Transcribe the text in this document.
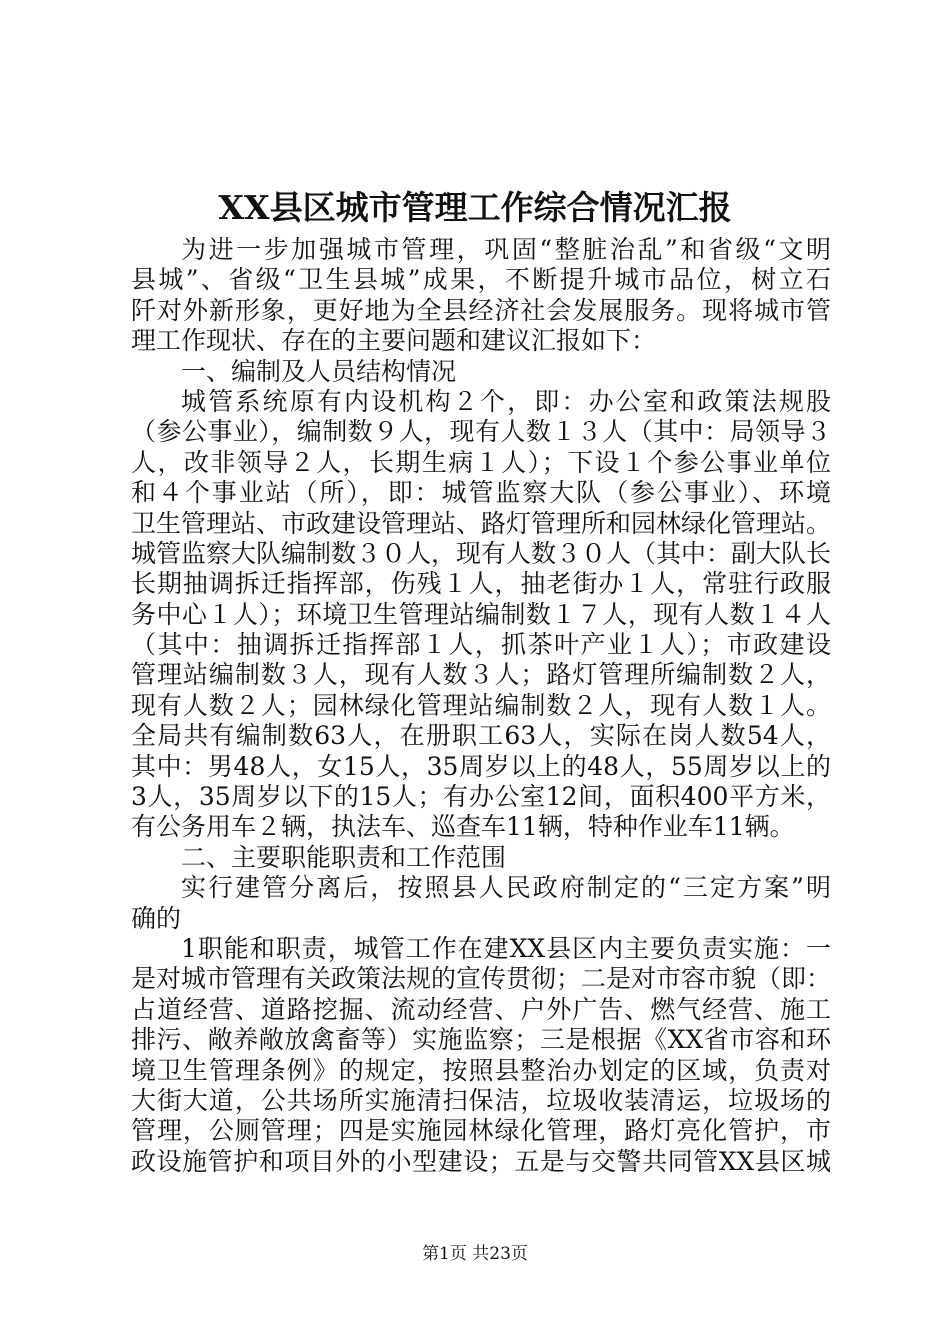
XX县区城市管理工作综合情况汇报
为进一步加强城市管理，巩固“整脏治乱”和省级“文明
县城”、省级“卫生县城”成果，不断提升城市品位，树立石
阡对外新形象，更好地为全县经济社会发展服务。现将城市管
理工作现状、存在的主要问题和建议汇报如下：
一、编制及人员结构情况
城管系统原有内设机构２个，即：办公室和政策法规股
（参公事业），编制数９人，现有人数１３人（其中：局领导３
人，改非领导２人，长期生病１人）；下设１个参公事业单位
和４个事业站（所），即：城管监察大队（参公事业）、环境
卫生管理站、市政建设管理站、路灯管理所和园林绿化管理站。
城管监察大队编制数３０人，现有人数３０人（其中：副大队长
长期抽调拆迁指挥部，伤残１人，抽老街办１人，常驻行政服
务中心１人）；环境卫生管理站编制数１７人，现有人数１４人
（其中：抽调拆迁指挥部１人，抓茶叶产业１人）；市政建设
管理站编制数３人，现有人数３人；路灯管理所编制数２人，
现有人数２人；园林绿化管理站编制数２人，现有人数１人。
全局共有编制数63人，在册职工63人，实际在岗人数54人，
其中：男48人，女15人，35周岁以上的48人，55周岁以上的
3人，35周岁以下的15人；有办公室12间，面积400平方米，
有公务用车２辆，执法车、巡查车11辆，特种作业车11辆。
二、主要职能职责和工作范围
实行建管分离后，按照县人民政府制定的“三定方案”明
确的
1职能和职责，城管工作在建XX县区内主要负责实施：一
是对城市管理有关政策法规的宣传贯彻；二是对市容市貌（即：
占道经营、道路挖掘、流动经营、户外广告、燃气经营、施工
排污、敞养敞放禽畜等）实施监察；三是根据《XX省市容和环
境卫生管理条例》的规定，按照县整治办划定的区域，负责对
大街大道，公共场所实施清扫保洁，垃圾收装清运，垃圾场的
管理，公厕管理；四是实施园林绿化管理，路灯亮化管护，市
政设施管护和项目外的小型建设；五是与交警共同管XX县区城
第1页 共23页
